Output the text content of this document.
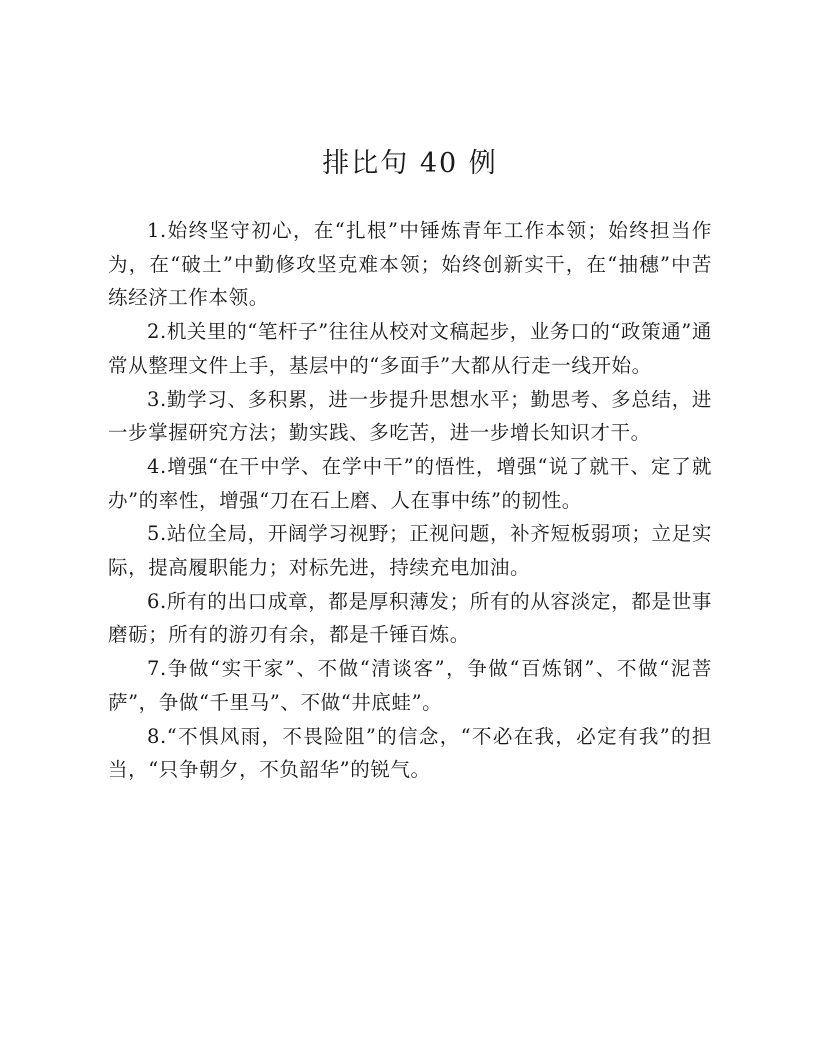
排比句 40 例

1.始终坚守初心，在“扎根”中锤炼青年工作本领；始终担当作为，在“破土”中勤修攻坚克难本领；始终创新实干，在“抽穗”中苦练经济工作本领。

2.机关里的“笔杆子”往往从校对文稿起步，业务口的“政策通”通常从整理文件上手，基层中的“多面手”大都从行走一线开始。

3.勤学习、多积累，进一步提升思想水平；勤思考、多总结，进一步掌握研究方法；勤实践、多吃苦，进一步增长知识才干。

4.增强“在干中学、在学中干”的悟性，增强“说了就干、定了就办”的率性，增强“刀在石上磨、人在事中练”的韧性。

5.站位全局，开阔学习视野；正视问题，补齐短板弱项；立足实际，提高履职能力；对标先进，持续充电加油。

6.所有的出口成章，都是厚积薄发；所有的从容淡定，都是世事磨砺；所有的游刃有余，都是千锤百炼。

7.争做“实干家”、不做“清谈客”，争做“百炼钢”、不做“泥菩萨”，争做“千里马”、不做“井底蛙”。

8.“不惧风雨，不畏险阻”的信念，“不必在我，必定有我”的担当，“只争朝夕，不负韶华”的锐气。
